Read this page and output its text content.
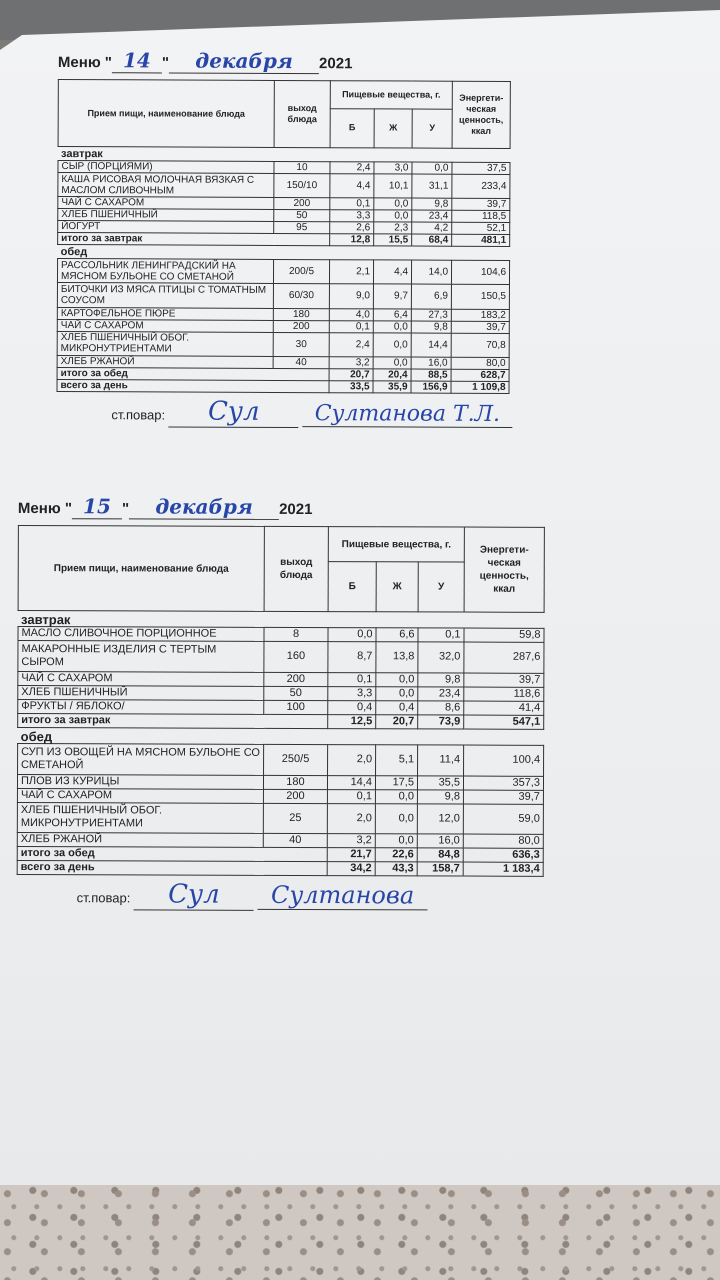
Меню " 14 " декабря 2021
Прием пищи, наименование блюда	выход блюда	Пищевые вещества, г.			Энергети-ческая ценность, ккал
		Б	Ж	У	
завтрак					
СЫР (ПОРЦИЯМИ)	10	2,4	3,0	0,0	37,5
КАША РИСОВАЯ МОЛОЧНАЯ ВЯЗКАЯ С МАСЛОМ СЛИВОЧНЫМ	150/10	4,4	10,1	31,1	233,4
ЧАЙ С САХАРОМ	200	0,1	0,0	9,8	39,7
ХЛЕБ ПШЕНИЧНЫЙ	50	3,3	0,0	23,4	118,5
ЙОГУРТ	95	2,6	2,3	4,2	52,1
итого за завтрак		12,8	15,5	68,4	481,1
обед					
РАССОЛЬНИК ЛЕНИНГРАДСКИЙ НА МЯСНОМ БУЛЬОНЕ СО СМЕТАНОЙ	200/5	2,1	4,4	14,0	104,6
БИТОЧКИ ИЗ МЯСА ПТИЦЫ С ТОМАТНЫМ СОУСОМ	60/30	9,0	9,7	6,9	150,5
КАРТОФЕЛЬНОЕ ПЮРЕ	180	4,0	6,4	27,3	183,2
ЧАЙ С САХАРОМ	200	0,1	0,0	9,8	39,7
ХЛЕБ ПШЕНИЧНЫЙ ОБОГ. МИКРОНУТРИЕНТАМИ	30	2,4	0,0	14,4	70,8
ХЛЕБ РЖАНОЙ	40	3,2	0,0	16,0	80,0
итого за обед		20,7	20,4	88,5	628,7
всего за день		33,5	35,9	156,9	1 109,8
ст.повар: Сул	Султанова Т.Л.
Меню " 15 " декабря 2021
Прием пищи, наименование блюда	выход блюда	Пищевые вещества, г.			Энергети-ческая ценность, ккал
		Б	Ж	У	
завтрак					
МАСЛО СЛИВОЧНОЕ ПОРЦИОННОЕ	8	0,0	6,6	0,1	59,8
МАКАРОННЫЕ ИЗДЕЛИЯ С ТЕРТЫМ СЫРОМ	160	8,7	13,8	32,0	287,6
ЧАЙ С САХАРОМ	200	0,1	0,0	9,8	39,7
ХЛЕБ ПШЕНИЧНЫЙ	50	3,3	0,0	23,4	118,6
ФРУКТЫ / ЯБЛОКО/	100	0,4	0,4	8,6	41,4
итого за завтрак		12,5	20,7	73,9	547,1
обед					
СУП ИЗ ОВОЩЕЙ НА МЯСНОМ БУЛЬОНЕ СО СМЕТАНОЙ	250/5	2,0	5,1	11,4	100,4
ПЛОВ ИЗ КУРИЦЫ	180	14,4	17,5	35,5	357,3
ЧАЙ С САХАРОМ	200	0,1	0,0	9,8	39,7
ХЛЕБ ПШЕНИЧНЫЙ ОБОГ. МИКРОНУТРИЕНТАМИ	25	2,0	0,0	12,0	59,0
ХЛЕБ РЖАНОЙ	40	3,2	0,0	16,0	80,0
итого за обед		21,7	22,6	84,8	636,3
всего за день		34,2	43,3	158,7	1 183,4
ст.повар: Сул Султанова
